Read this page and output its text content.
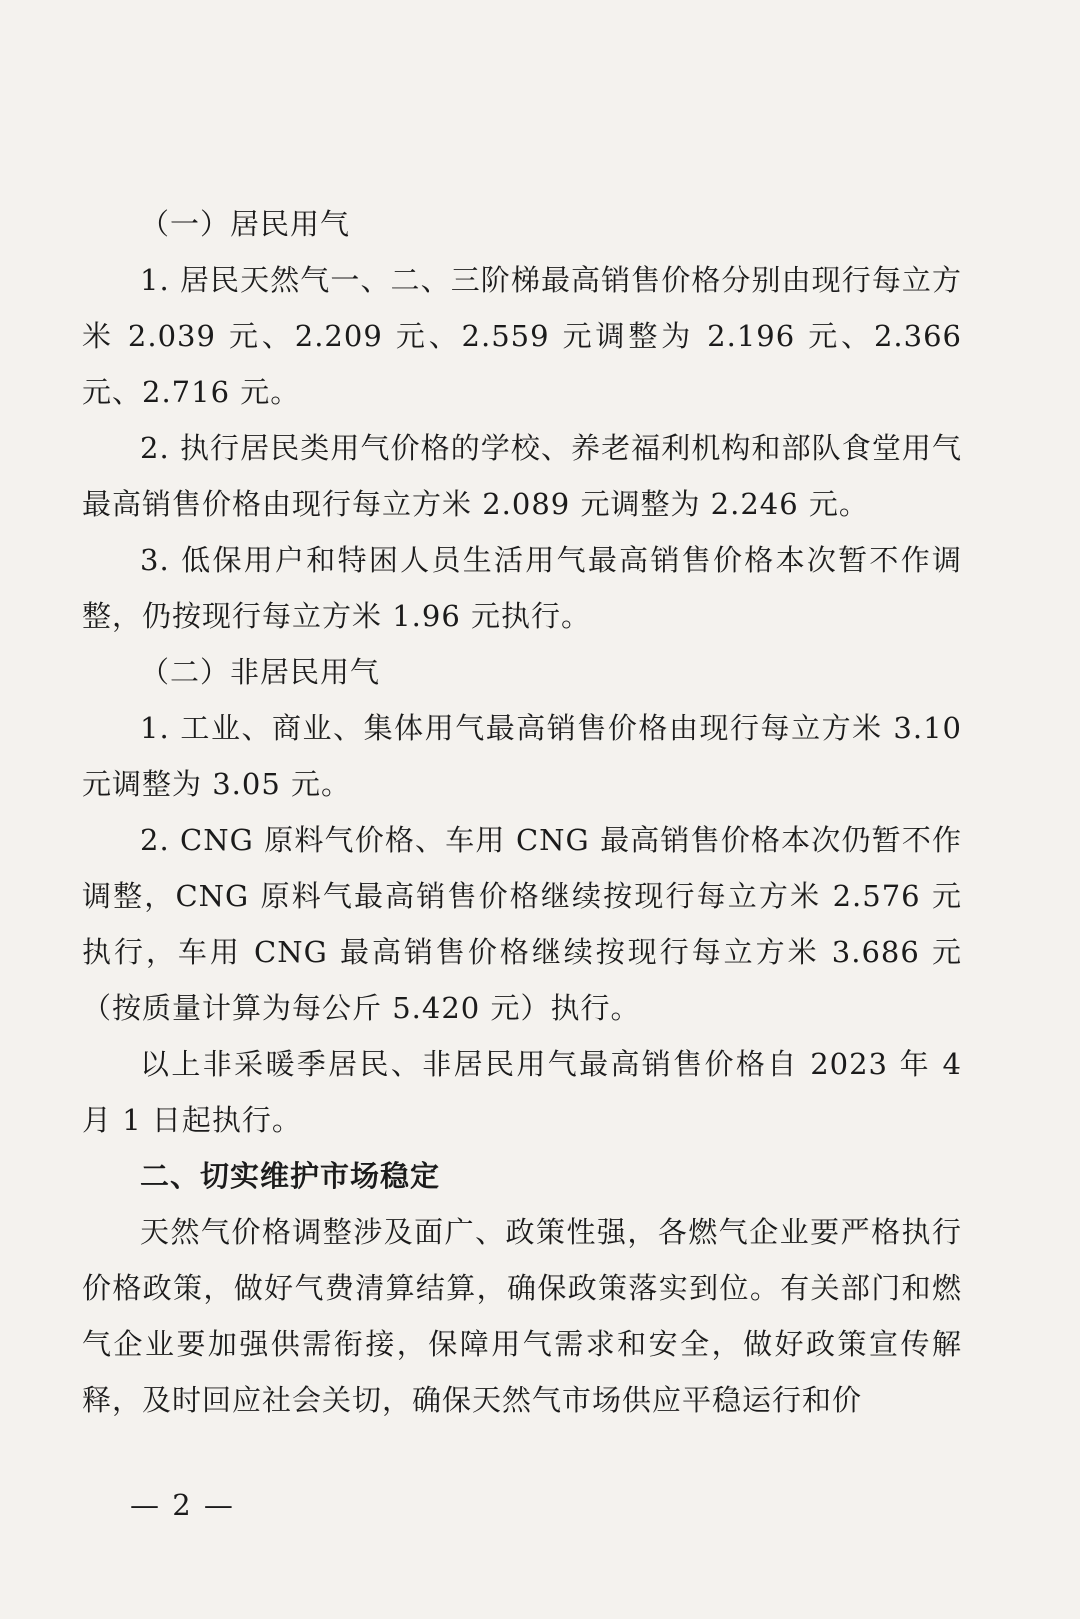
（一）居民用气

1. 居民天然气一、二、三阶梯最高销售价格分别由现行每立方米 2.039 元、2.209 元、2.559 元调整为 2.196 元、2.366 元、2.716 元。

2. 执行居民类用气价格的学校、养老福利机构和部队食堂用气最高销售价格由现行每立方米 2.089 元调整为 2.246 元。

3. 低保用户和特困人员生活用气最高销售价格本次暂不作调整，仍按现行每立方米 1.96 元执行。

（二）非居民用气

1. 工业、商业、集体用气最高销售价格由现行每立方米 3.10 元调整为 3.05 元。

2. CNG 原料气价格、车用 CNG 最高销售价格本次仍暂不作调整，CNG 原料气最高销售价格继续按现行每立方米 2.576 元执行，车用 CNG 最高销售价格继续按现行每立方米 3.686 元（按质量计算为每公斤 5.420 元）执行。

以上非采暖季居民、非居民用气最高销售价格自 2023 年 4 月 1 日起执行。

二、切实维护市场稳定

天然气价格调整涉及面广、政策性强，各燃气企业要严格执行价格政策，做好气费清算结算，确保政策落实到位。有关部门和燃气企业要加强供需衔接，保障用气需求和安全，做好政策宣传解释，及时回应社会关切，确保天然气市场供应平稳运行和价

— 2 —
